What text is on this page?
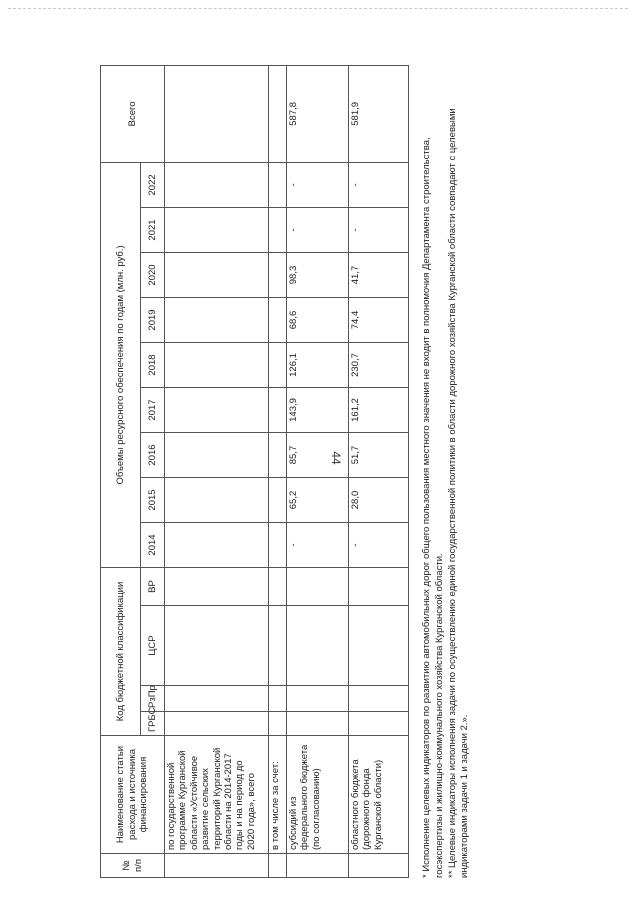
44
№ п/п	Наименование статьи расхода и источника финансирования	Код бюджетной классификации				Объемы ресурсного обеспечения по годам (млн. руб.)									Всего
		ГРБС	РзПр	ЦСР	ВР	2014	2015	2016	2017	2018	2019	2020	2021	2022	
	по государственной программе Курганской области «Устойчивое развитие сельских территорий Курганской области на 2014-2017 годы и на период до 2020 года», всего														
	в том числе за счет:														
	субсидий из федерального бюджета (по согласованию)					-	65,2	85,7	143,9	126,1	68,6	98,3	-	-	587,8
	областного бюджета (дорожного фонда Курганской области)					-	28,0	51,7	161,2	230,7	74,4	41,7	-	-	581,9
* Исполнение целевых индикаторов по развитию автомобильных дорог общего пользования местного значения не входит в полномочия Департамента строительства, госэкспертизы и жилищно-коммунального хозяйства Курганской области. ** Целевые индикаторы исполнения задачи по осуществлению единой государственной политики в области дорожного хозяйства Курганской области совпадают с целевыми индикаторами задачи 1 и задачи 2.».
